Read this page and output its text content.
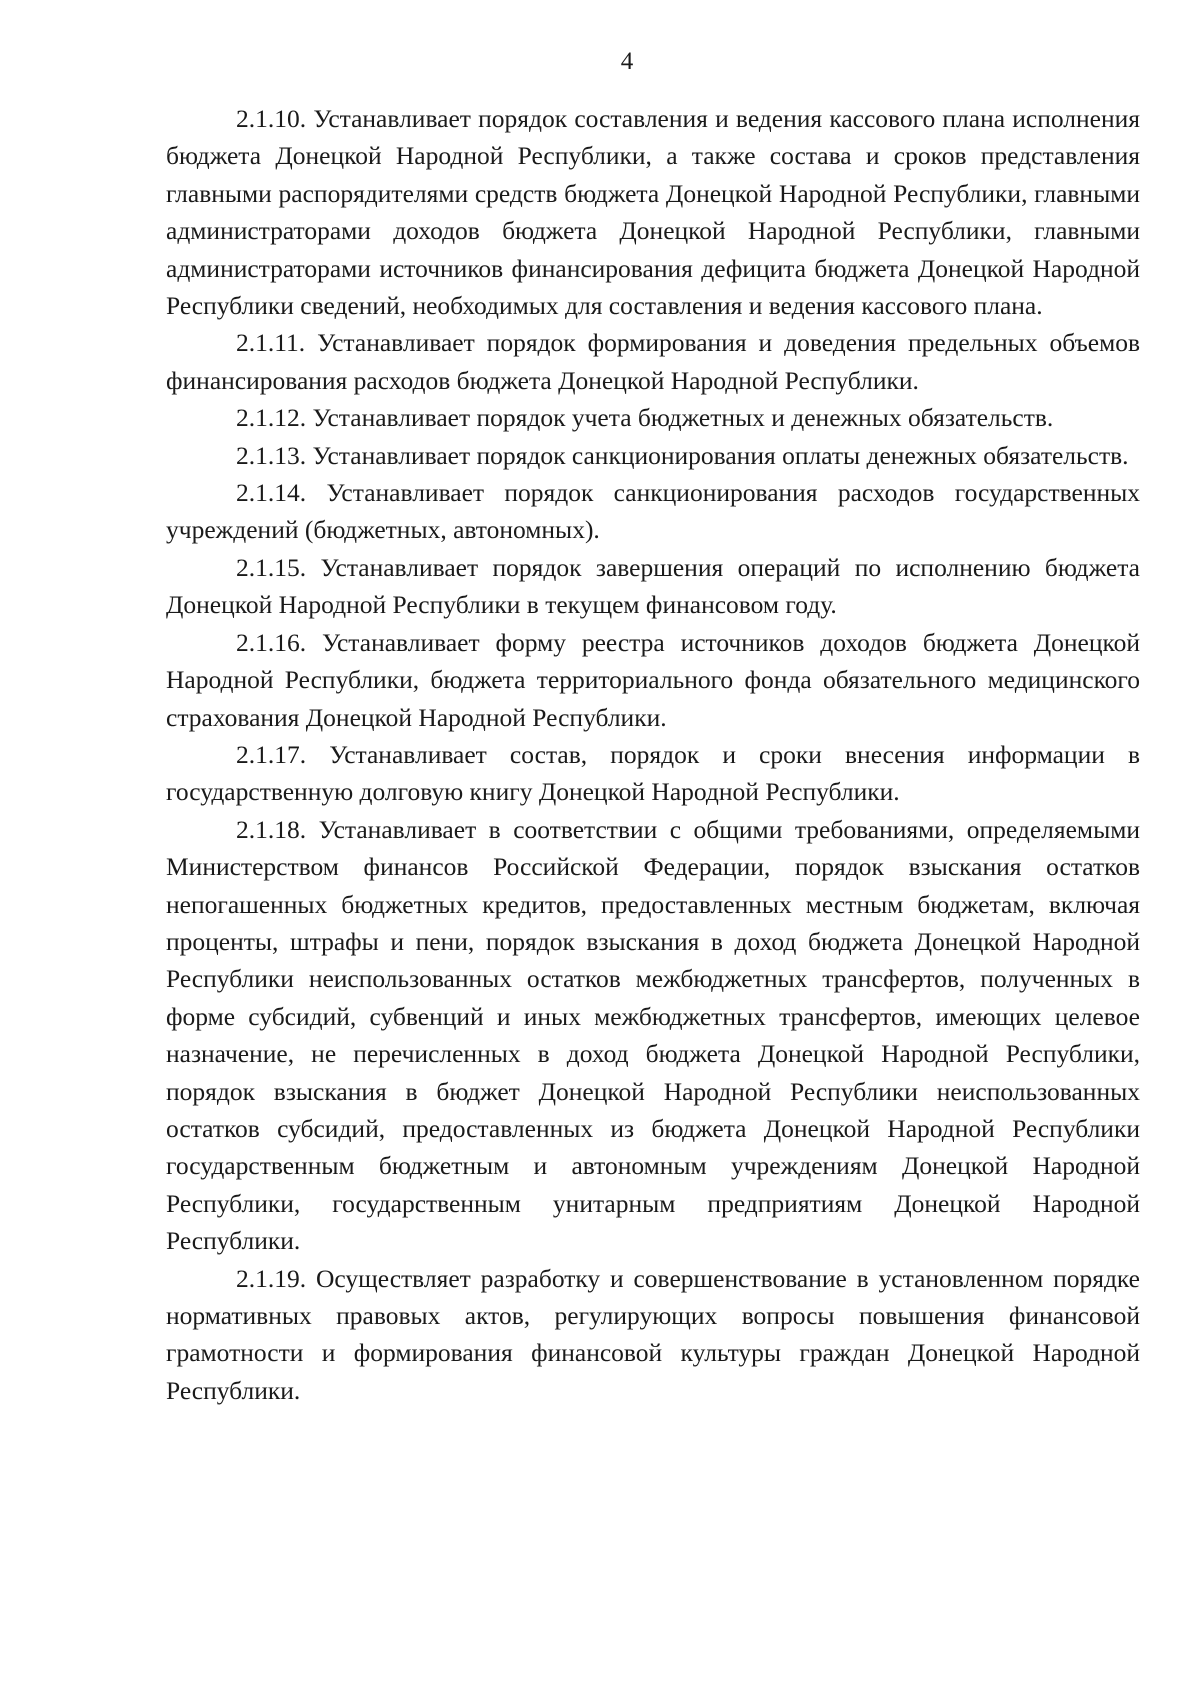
4

2.1.10. Устанавливает порядок составления и ведения кассового плана исполнения бюджета Донецкой Народной Республики, а также состава и сроков представления главными распорядителями средств бюджета Донецкой Народной Республики, главными администраторами доходов бюджета Донецкой Народной Республики, главными администраторами источников финансирования дефицита бюджета Донецкой Народной Республики сведений, необходимых для составления и ведения кассового плана.

2.1.11. Устанавливает порядок формирования и доведения предельных объемов финансирования расходов бюджета Донецкой Народной Республики.

2.1.12. Устанавливает порядок учета бюджетных и денежных обязательств.

2.1.13. Устанавливает порядок санкционирования оплаты денежных обязательств.

2.1.14. Устанавливает порядок санкционирования расходов государственных учреждений (бюджетных, автономных).

2.1.15. Устанавливает порядок завершения операций по исполнению бюджета Донецкой Народной Республики в текущем финансовом году.

2.1.16. Устанавливает форму реестра источников доходов бюджета Донецкой Народной Республики, бюджета территориального фонда обязательного медицинского страхования Донецкой Народной Республики.

2.1.17. Устанавливает состав, порядок и сроки внесения информации в государственную долговую книгу Донецкой Народной Республики.

2.1.18. Устанавливает в соответствии с общими требованиями, определяемыми Министерством финансов Российской Федерации, порядок взыскания остатков непогашенных бюджетных кредитов, предоставленных местным бюджетам, включая проценты, штрафы и пени, порядок взыскания в доход бюджета Донецкой Народной Республики неиспользованных остатков межбюджетных трансфертов, полученных в форме субсидий, субвенций и иных межбюджетных трансфертов, имеющих целевое назначение, не перечисленных в доход бюджета Донецкой Народной Республики, порядок взыскания в бюджет Донецкой Народной Республики неиспользованных остатков субсидий, предоставленных из бюджета Донецкой Народной Республики государственным бюджетным и автономным учреждениям Донецкой Народной Республики, государственным унитарным предприятиям Донецкой Народной Республики.

2.1.19. Осуществляет разработку и совершенствование в установленном порядке нормативных правовых актов, регулирующих вопросы повышения финансовой грамотности и формирования финансовой культуры граждан Донецкой Народной Республики.
